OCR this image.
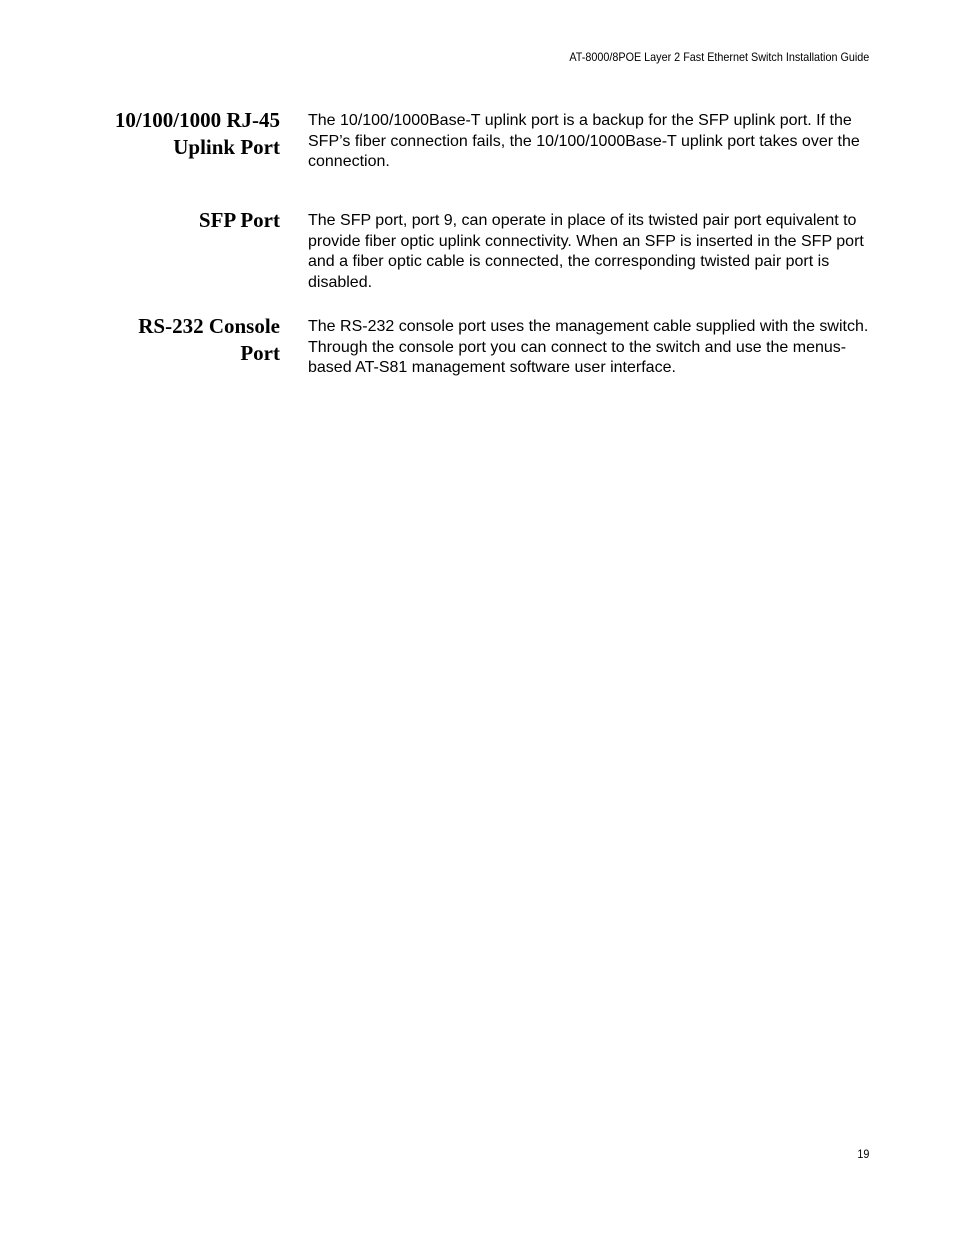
AT-8000/8POE Layer 2 Fast Ethernet Switch Installation Guide
10/100/1000 RJ-45 Uplink Port

The 10/100/1000Base-T uplink port is a backup for the SFP uplink port. If the SFP’s fiber connection fails, the 10/100/1000Base-T uplink port takes over the connection.

SFP Port The SFP port, port 9, can operate in place of its twisted pair port equivalent to provide fiber optic uplink connectivity. When an SFP is inserted in the SFP port and a fiber optic cable is connected, the corresponding twisted pair port is disabled.

RS-232 Console Port

The RS-232 console port uses the management cable supplied with the switch. Through the console port you can connect to the switch and use the menus-based AT-S81 management software user interface.

19
